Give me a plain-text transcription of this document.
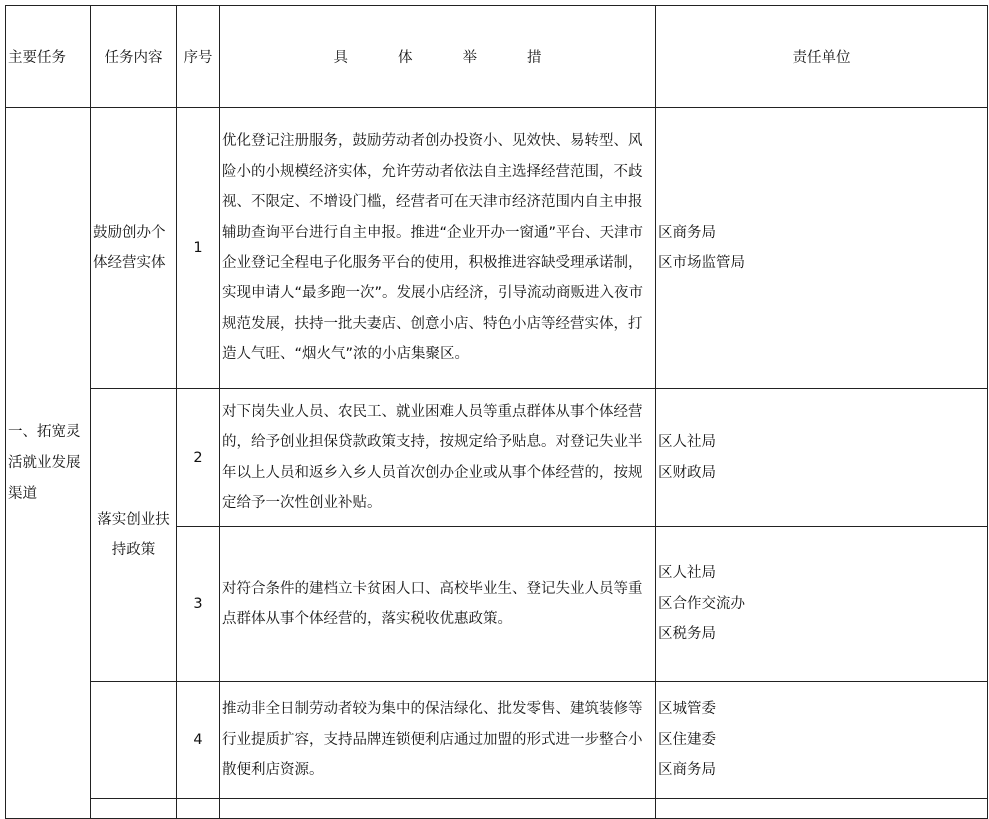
主要任务	任务内容	序号	具体举措	责任单位
一、拓宽灵活就业发展渠道	鼓励创办个体经营实体	1	优化登记注册服务，鼓励劳动者创办投资小、见效快、易转型、风险小的小规模经济实体，允许劳动者依法自主选择经营范围，不歧视、不限定、不增设门槛，经营者可在天津市经济范围内自主申报辅助查询平台进行自主申报。推进“企业开办一窗通”平台、天津市企业登记全程电子化服务平台的使用，积极推进容缺受理承诺制，实现申请人“最多跑一次”。发展小店经济，引导流动商贩进入夜市规范发展，扶持一批夫妻店、创意小店、特色小店等经营实体，打造人气旺、“烟火气”浓的小店集聚区。	区商务局
区市场监管局

	落实创业扶持政策	2	对下岗失业人员、农民工、就业困难人员等重点群体从事个体经营的，给予创业担保贷款政策支持，按规定给予贴息。对登记失业半年以上人员和返乡入乡人员首次创办企业或从事个体经营的，按规定给予一次性创业补贴。	区人社局
区财政局

		3	对符合条件的建档立卡贫困人口、高校毕业生、登记失业人员等重点群体从事个体经营的，落实税收优惠政策。	区人社局
区合作交流办
区税务局

		4	推动非全日制劳动者较为集中的保洁绿化、批发零售、建筑装修等行业提质扩容，支持品牌连锁便利店通过加盟的形式进一步整合小散便利店资源。	区城管委
区住建委
区商务局
